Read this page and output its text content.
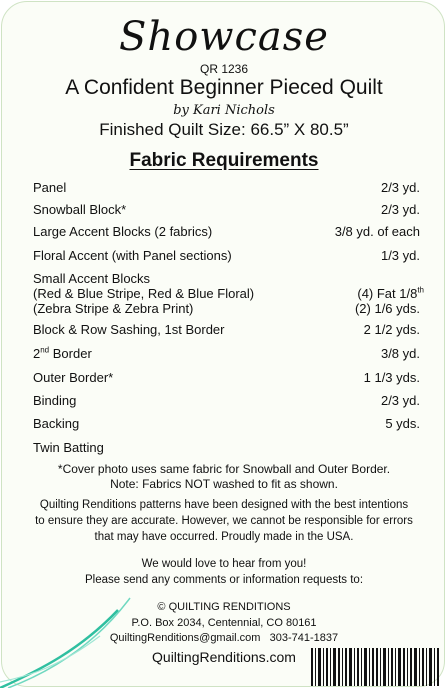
Showcase
QR 1236
A Confident Beginner Pieced Quilt
by Kari Nichols
Finished Quilt Size: 66.5” X 80.5”
Fabric Requirements
Panel	2/3 yd.
Snowball Block*	2/3 yd.
Large Accent Blocks (2 fabrics)	3/8 yd. of each
Floral Accent (with Panel sections)	1/3 yd.
Small Accent Blocks
(Red & Blue Stripe, Red & Blue Floral)	(4) Fat 1/8th
(Zebra Stripe & Zebra Print)	(2) 1/6 yds.
Block & Row Sashing, 1st Border	2 1/2 yds.
2nd Border	3/8 yd.
Outer Border*	1 1/3 yds.
Binding	2/3 yd.
Backing	5 yds.
Twin Batting
*Cover photo uses same fabric for Snowball and Outer Border.
Note: Fabrics NOT washed to fit as shown.
Quilting Renditions patterns have been designed with the best intentions
to ensure they are accurate. However, we cannot be responsible for errors
that may have occurred. Proudly made in the USA.
We would love to hear from you!
Please send any comments or information requests to:
© QUILTING RENDITIONS
P.O. Box 2034, Centennial, CO 80161
QuiltingRenditions@gmail.com 303-741-1837
QuiltingRenditions.com
